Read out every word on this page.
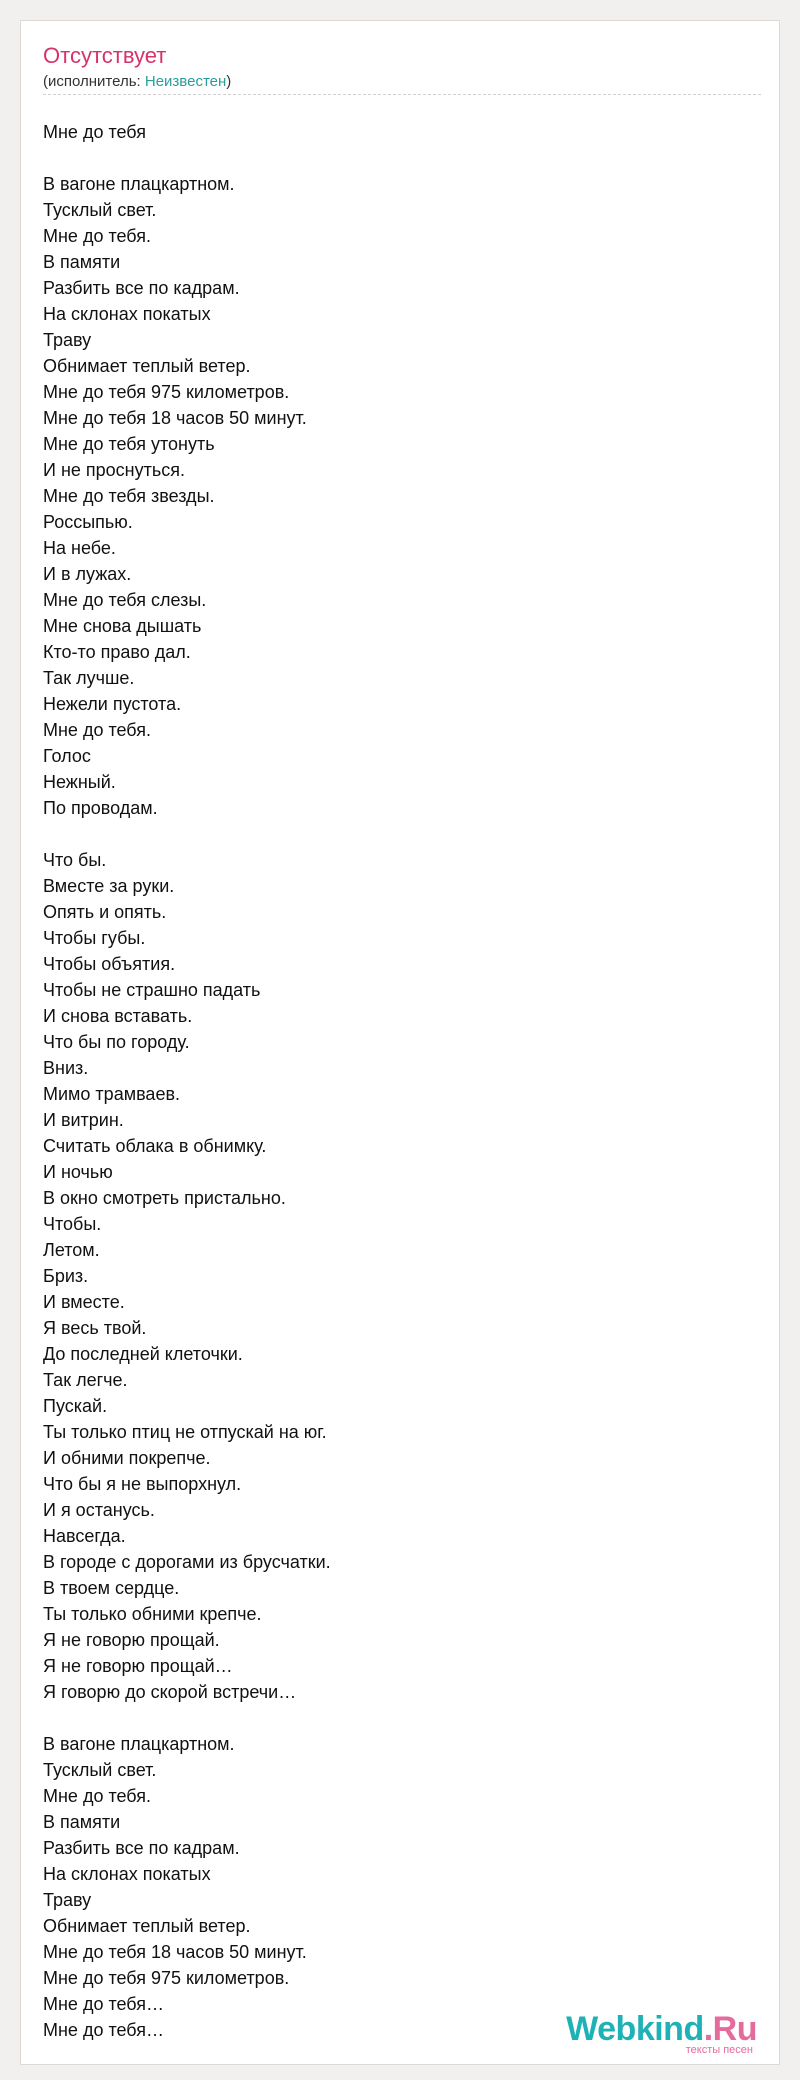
Отсутствует
(исполнитель: Неизвестен)
Мне до тебя
В вагоне плацкартном.
Тусклый свет.
Мне до тебя.
В памяти
Разбить все по кадрам.
На склонах покатых
Траву
Обнимает теплый ветер.
Мне до тебя 975 километров.
Мне до тебя 18 часов 50 минут.
Мне до тебя утонуть
И не проснуться.
Мне до тебя звезды.
Россыпью.
На небе.
И в лужах.
Мне до тебя слезы.
Мне снова дышать
Кто-то право дал.
Так лучше.
Нежели пустота.
Мне до тебя.
Голос
Нежный.
По проводам.
Что бы.
Вместе за руки.
Опять и опять.
Чтобы губы.
Чтобы объятия.
Чтобы не страшно падать
И снова вставать.
Что бы по городу.
Вниз.
Мимо трамваев.
И витрин.
Считать облака в обнимку.
И ночью
В окно смотреть пристально.
Чтобы.
Летом.
Бриз.
И вместе.
Я весь твой.
До последней клеточки.
Так легче.
Пускай.
Ты только птиц не отпускай на юг.
И обними покрепче.
Что бы я не выпорхнул.
И я останусь.
Навсегда.
В городе с дорогами из брусчатки.
В твоем сердце.
Ты только обними крепче.
Я не говорю прощай.
Я не говорю прощай…
Я говорю до скорой встречи…
В вагоне плацкартном.
Тусклый свет.
Мне до тебя.
В памяти
Разбить все по кадрам.
На склонах покатых
Траву
Обнимает теплый ветер.
Мне до тебя 18 часов 50 минут.
Мне до тебя 975 километров.
Мне до тебя…
Мне до тебя…	Webkind.Ru
тексты песен
